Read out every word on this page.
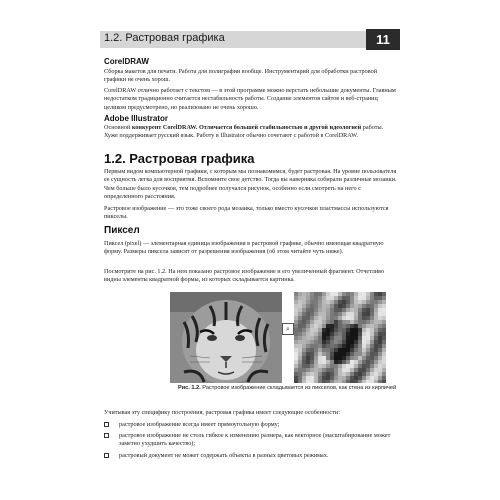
1.2. Растровая графика	11
CorelDRAW

Сборка макетов для печати. Работа для полиграфии вообще. Инструментарий для обработки растровой графики не очень хорош.

CorelDRAW отлично работает с текстом — в этой программе можно верстать небольшие документы. Главным недостатком традиционно считается нестабильность работы. Создание элементов сайтов и веб-страниц целиком предусмотрено, но реализовано не очень хорошо.

Adobe Illustrator

Основной конкурент CorelDRAW. Отличается большей стабильностью и другой идеологией работы. Хуже поддерживает русский язык. Работу в Illustrator обычно сочетают с работой в CorelDRAW.

1.2. Растровая графика

Первым видом компьютерной графики, с которым мы познакомимся, будет растровая. На уровне пользователя ее сущность легка для восприятия. Вспомните свое детство. Тогда вы наверняка собирали различные мозаики. Чем больше было кусочков, тем подробнее получался рисунок, особенно если смотреть на него с определенного расстояния.

Растровое изображение — это тоже своего рода мозаика, только вместо кусочков пластмассы используются пикселы.

Пиксел

Пиксел (pixel) — элементарная единица изображения в растровой графике, обычно имеющая квадратную форму. Размеры пиксела зависят от разрешения изображения (об этом читайте чуть ниже).

Посмотрите на рис. 1.2. На нем показано растровое изображение и его увеличенный фрагмент. Отчетливо видны элементы квадратной формы, из которых складывается картинка.

⌕
Рис. 1.2. Растровое изображение складывается из пикселов, как стена из кирпичей

Учитывая эту специфику построения, растровая графика имеет следующие особенности:

растровое изображение всегда имеет прямоугольную форму;
растровое изображение не столь гибкое к изменению размера, как векторное (масштабирование может заметно ухудшить качество);
растровый документ не может содержать объекты в разных цветовых режимах.
